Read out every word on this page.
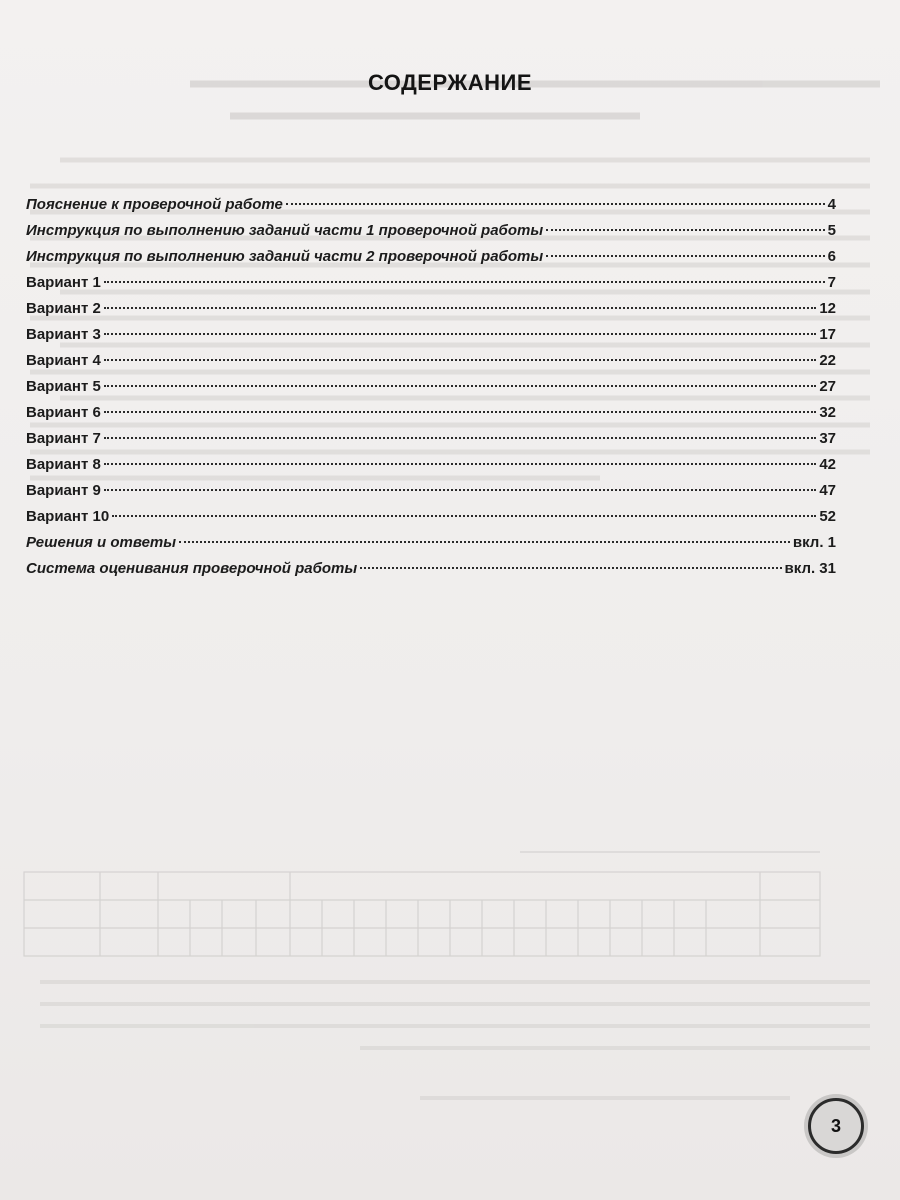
СОДЕРЖАНИЕ
Пояснение к проверочной работе	4
Инструкция по выполнению заданий части 1 проверочной работы	5
Инструкция по выполнению заданий части 2 проверочной работы	6
Вариант 1	7
Вариант 2	12
Вариант 3	17
Вариант 4	22
Вариант 5	27
Вариант 6	32
Вариант 7	37
Вариант 8	42
Вариант 9	47
Вариант 10	52
Решения и ответы	вкл. 1
Система оценивания проверочной работы	вкл. 31
3
